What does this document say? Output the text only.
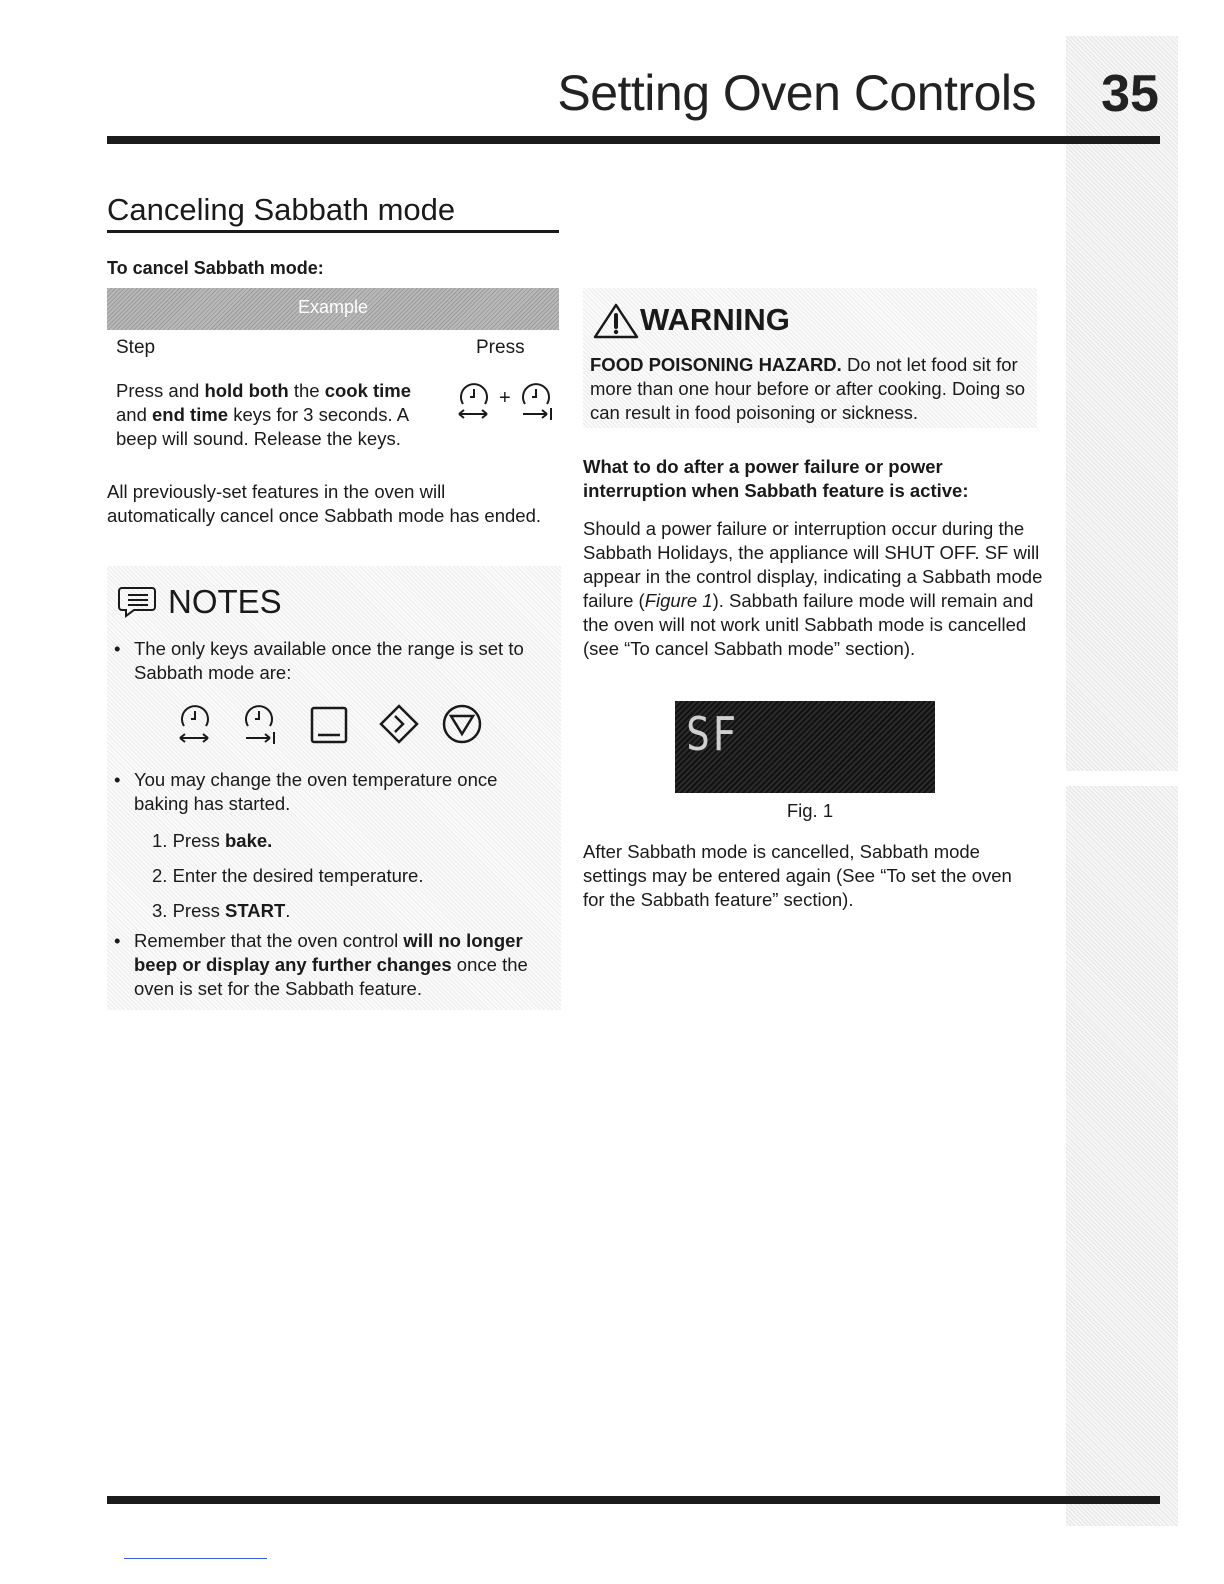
Setting Oven Controls	35
Canceling Sabbath mode
To cancel Sabbath mode:
Example
Step	Press
Press and hold both the cook time and end time keys for 3 seconds. A beep will sound. Release the keys.
+
All previously-set features in the oven will automatically cancel once Sabbath mode has ended.
NOTES
• The only keys available once the range is set to Sabbath mode are:
• You may change the oven temperature once baking has started.
1. Press bake.
2. Enter the desired temperature.
3. Press START.
• Remember that the oven control will no longer beep or display any further changes once the oven is set for the Sabbath feature.
WARNING
FOOD POISONING HAZARD. Do not let food sit for more than one hour before or after cooking. Doing so can result in food poisoning or sickness.
What to do after a power failure or power interruption when Sabbath feature is active:
Should a power failure or interruption occur during the Sabbath Holidays, the appliance will SHUT OFF. SF will appear in the control display, indicating a Sabbath mode failure (Figure 1). Sabbath failure mode will remain and the oven will not work unitl Sabbath mode is cancelled (see “To cancel Sabbath mode” section).
SF
Fig. 1
After Sabbath mode is cancelled, Sabbath mode settings may be entered again (See “To set the oven for the Sabbath feature” section).
